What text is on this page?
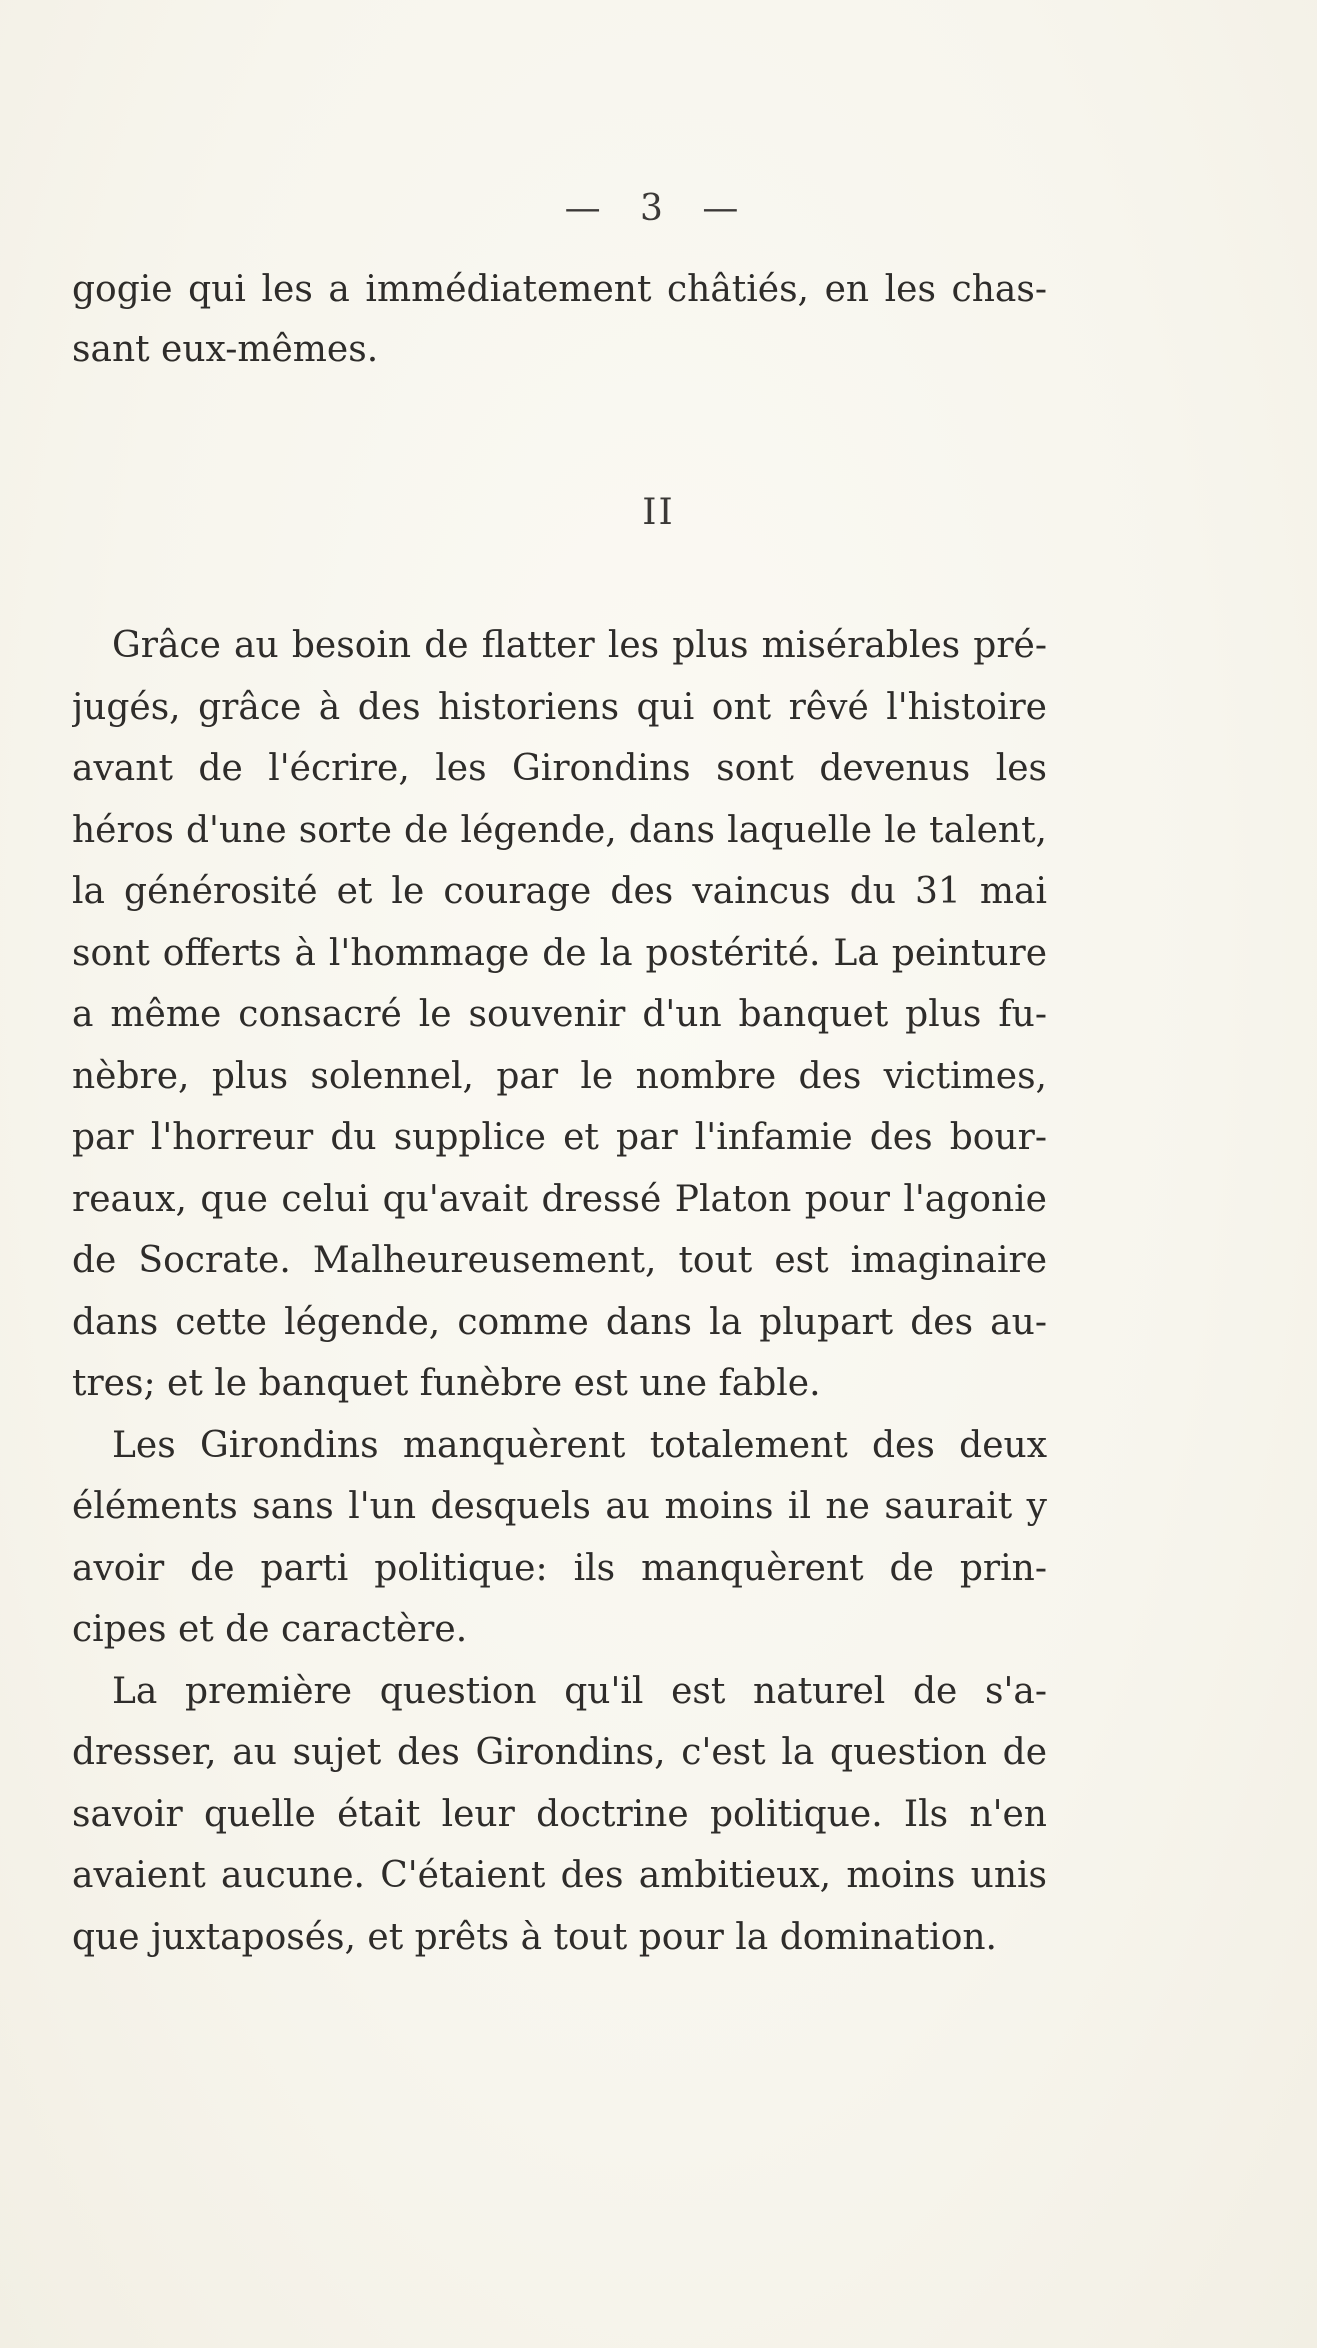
— 3 —

gogie qui les a immédiatement châtiés, en les chas-

sant eux-mêmes.

II

Grâce au besoin de flatter les plus misérables pré-

jugés, grâce à des historiens qui ont rêvé l'histoire

avant de l'écrire, les Girondins sont devenus les

héros d'une sorte de légende, dans laquelle le talent,

la générosité et le courage des vaincus du 31 mai

sont offerts à l'hommage de la postérité. La peinture

a même consacré le souvenir d'un banquet plus fu-

nèbre, plus solennel, par le nombre des victimes,

par l'horreur du supplice et par l'infamie des bour-

reaux, que celui qu'avait dressé Platon pour l'agonie

de Socrate. Malheureusement, tout est imaginaire

dans cette légende, comme dans la plupart des au-

tres; et le banquet funèbre est une fable.

Les Girondins manquèrent totalement des deux

éléments sans l'un desquels au moins il ne saurait y

avoir de parti politique: ils manquèrent de prin-

cipes et de caractère.

La première question qu'il est naturel de s'a-

dresser, au sujet des Girondins, c'est la question de

savoir quelle était leur doctrine politique. Ils n'en

avaient aucune. C'étaient des ambitieux, moins unis

que juxtaposés, et prêts à tout pour la domination.
